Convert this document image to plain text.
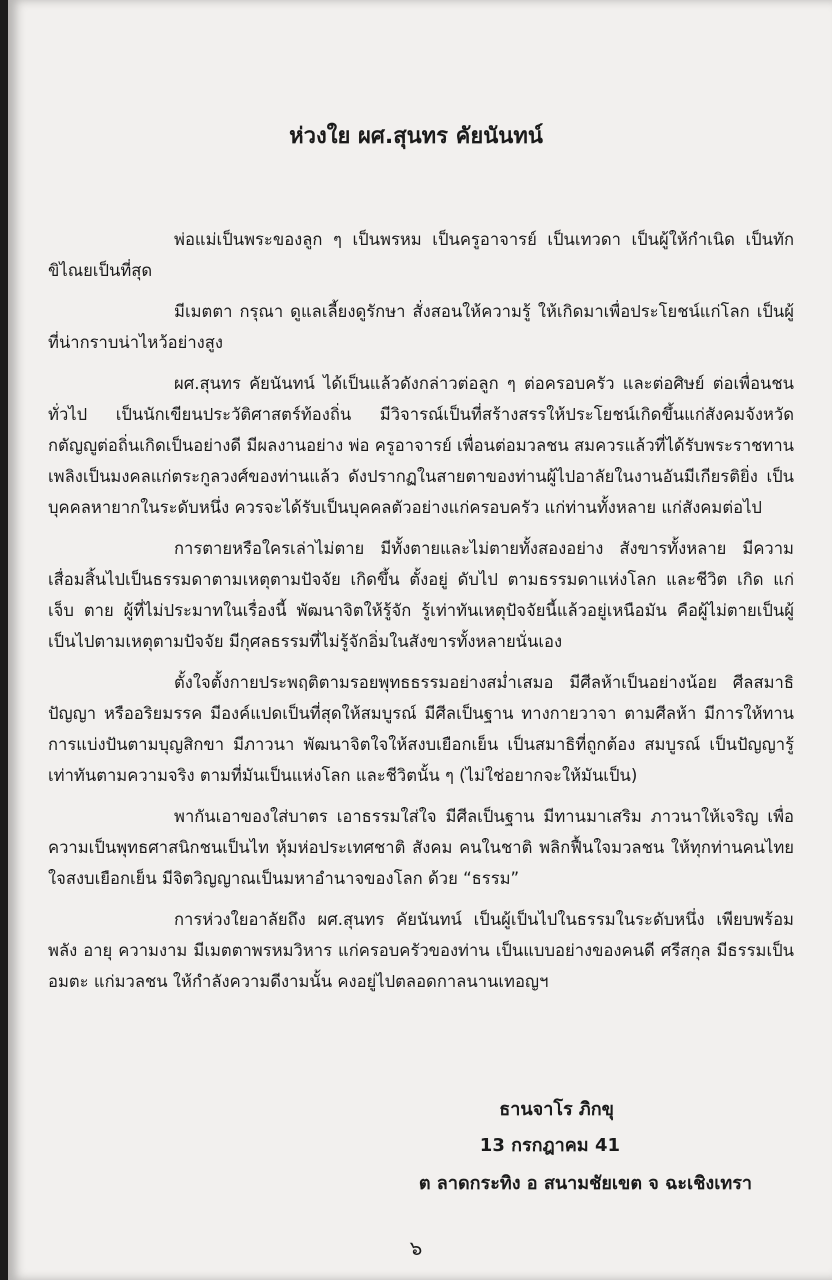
ห่วงใย ผศ.สุนทร คัยนันทน์

พ่อแม่เป็นพระของลูก ๆ เป็นพรหม เป็นครูอาจารย์ เป็นเทวดา เป็นผู้ให้กำเนิด เป็นทักขิไณยเป็นที่สุด

มีเมตตา กรุณา ดูแลเลี้ยงดูรักษา สั่งสอนให้ความรู้ ให้เกิดมาเพื่อประโยชน์แก่โลก เป็นผู้ที่น่ากราบน่าไหว้อย่างสูง

ผศ.สุนทร คัยนันทน์ ได้เป็นแล้วดังกล่าวต่อลูก ๆ ต่อครอบครัว และต่อศิษย์ ต่อเพื่อนชนทั่วไป เป็นนักเขียนประวัติศาสตร์ท้องถิ่น มีวิจารณ์เป็นที่สร้างสรรให้ประโยชน์เกิดขึ้นแก่สังคมจังหวัด กตัญญูต่อถิ่นเกิดเป็นอย่างดี มีผลงานอย่าง พ่อ ครูอาจารย์ เพื่อนต่อมวลชน สมควรแล้วที่ได้รับพระราชทานเพลิงเป็นมงคลแก่ตระกูลวงศ์ของท่านแล้ว ดังปรากฏในสายตาของท่านผู้ไปอาลัยในงานอันมีเกียรติยิ่ง เป็นบุคคลหายากในระดับหนึ่ง ควรจะได้รับเป็นบุคคลตัวอย่างแก่ครอบครัว แก่ท่านทั้งหลาย แก่สังคมต่อไป

การตายหรือใครเล่าไม่ตาย มีทั้งตายและไม่ตายทั้งสองอย่าง สังขารทั้งหลาย มีความเสื่อมสิ้นไปเป็นธรรมดาตามเหตุตามปัจจัย เกิดขึ้น ตั้งอยู่ ดับไป ตามธรรมดาแห่งโลก และชีวิต เกิด แก่ เจ็บ ตาย ผู้ที่ไม่ประมาทในเรื่องนี้ พัฒนาจิตให้รู้จัก รู้เท่าทันเหตุปัจจัยนี้แล้วอยู่เหนือมัน คือผู้ไม่ตายเป็นผู้เป็นไปตามเหตุตามปัจจัย มีกุศลธรรมที่ไม่รู้จักอิ่มในสังขารทั้งหลายนั่นเอง

ตั้งใจตั้งกายประพฤติตามรอยพุทธธรรมอย่างสม่ำเสมอ มีศีลห้าเป็นอย่างน้อย ศีลสมาธิ ปัญญา หรืออริยมรรค มีองค์แปดเป็นที่สุดให้สมบูรณ์ มีศีลเป็นฐาน ทางกายวาจา ตามศีลห้า มีการให้ทาน การแบ่งปันตามบุญสิกขา มีภาวนา พัฒนาจิตใจให้สงบเยือกเย็น เป็นสมาธิที่ถูกต้อง สมบูรณ์ เป็นปัญญารู้เท่าทันตามความจริง ตามที่มันเป็นแห่งโลก และชีวิตนั้น ๆ (ไม่ใช่อยากจะให้มันเป็น)

พากันเอาของใส่บาตร เอาธรรมใส่ใจ มีศีลเป็นฐาน มีทานมาเสริม ภาวนาให้เจริญ เพื่อความเป็นพุทธศาสนิกชนเป็นไท หุ้มห่อประเทศชาติ สังคม คนในชาติ พลิกฟื้นใจมวลชน ให้ทุกท่านคนไทยใจสงบเยือกเย็น มีจิตวิญญาณเป็นมหาอำนาจของโลก ด้วย “ธรรม”

การห่วงใยอาลัยถึง ผศ.สุนทร คัยนันทน์ เป็นผู้เป็นไปในธรรมในระดับหนึ่ง เพียบพร้อม พลัง อายุ ความงาม มีเมตตาพรหมวิหาร แก่ครอบครัวของท่าน เป็นแบบอย่างของคนดี ศรีสกุล มีธรรมเป็นอมตะ แก่มวลชน ให้กำลังความดีงามนั้น คงอยู่ไปตลอดกาลนานเทอญฯ

ธานจาโร ภิกขุ
13 กรกฎาคม 41
ต ลาดกระทิง อ สนามชัยเขต จ ฉะเชิงเทรา
๖
